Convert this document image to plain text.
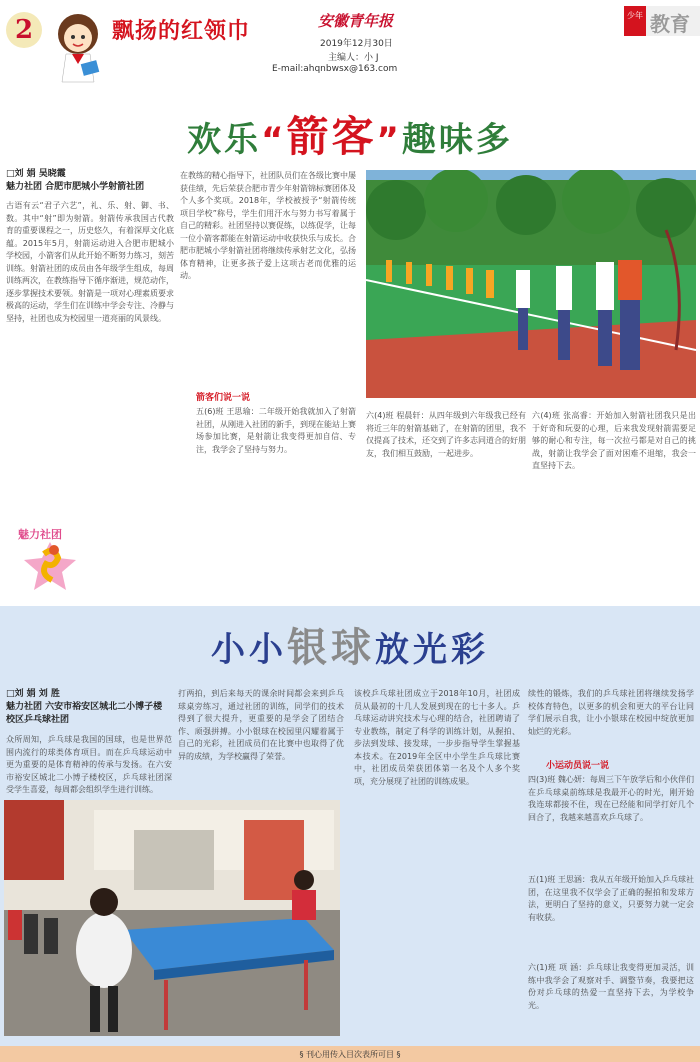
2	飘扬的红领巾	安徽青年报
2019年12月30日
主编人：小 J
E-mail:ahqnbwsx@163.com
少年 教育
欢乐“箭客”趣味多
□刘 娟 吴晓霞
魅力社团 合肥市肥城小学射箭社团
古语有云“君子六艺”，礼、乐、射、御、书、数。其中“射”即为射箭。射箭传承我国古代教育的重要课程之一，历史悠久，有着深厚文化底蕴。2015年5月，射箭运动进入合肥市肥城小学校园，小箭客们从此开始不断努力练习，刻苦训练。射箭社团的成员由各年级学生组成，每周训练两次，在教练指导下循序渐进，规范动作，逐步掌握技术要领。射箭是一项对心理素质要求极高的运动，学生们在训练中学会专注、冷静与坚持，社团也成为校园里一道亮丽的风景线。
在教练的精心指导下，社团队员们在各级比赛中屡获佳绩，先后荣获合肥市青少年射箭锦标赛团体及个人多个奖项。2018年，学校被授予“射箭传统项目学校”称号，学生们用汗水与努力书写着属于自己的精彩。社团坚持以赛促练，以练促学，让每一位小箭客都能在射箭运动中收获快乐与成长。合肥市肥城小学射箭社团将继续传承射艺文化，弘扬体育精神，让更多孩子爱上这项古老而优雅的运动。
箭客们说一说
五(6)班 王思瑜：二年级开始我就加入了射箭社团，从刚进入社团的新手，到现在能站上赛场参加比赛，是射箭让我变得更加自信、专注，我学会了坚持与努力。
六(4)班 程晨轩：从四年级到六年级我已经有将近三年的射箭基础了，在射箭的团里，我不仅提高了技术，还交到了许多志同道合的好朋友，我们相互鼓励，一起进步。
六(4)班 张高睿：开始加入射箭社团我只是出于好奇和玩耍的心理，后来我发现射箭需要足够的耐心和专注，每一次拉弓都是对自己的挑战，射箭让我学会了面对困难不退缩，我会一直坚持下去。
魅力社团
小小银球放光彩
□刘 娟 刘 胜
魅力社团 六安市裕安区城北二小博子楼 校区乒乓球社团
众所周知，乒乓球是我国的国球，也是世界范围内流行的球类体育项目。而在乒乓球运动中更为重要的是体育精神的传承与发扬。在六安市裕安区城北二小博子楼校区，乒乓球社团深受学生喜爱，每周都会组织学生进行训练。
打两拍，到后来每天的课余时间都会来到乒乓球桌旁练习，通过社团的训练，同学们的技术得到了很大提升，更重要的是学会了团结合作、顽强拼搏。小小银球在校园里闪耀着属于自己的光彩，社团成员们在比赛中也取得了优异的成绩，为学校赢得了荣誉。
该校乒乓球社团成立于2018年10月，社团成员从最初的十几人发展到现在的七十多人。乒乓球运动讲究技术与心理的结合，社团聘请了专业教练，制定了科学的训练计划，从握拍、步法到发球、接发球，一步步指导学生掌握基本技术。在2019年全区中小学生乒乓球比赛中，社团成员荣获团体第一名及个人多个奖项，充分展现了社团的训练成果。
续性的锻炼，我们的乒乓球社团将继续发扬学校体育特色，以更多的机会和更大的平台让同学们展示自我，让小小银球在校园中绽放更加灿烂的光彩。
小运动员说一说
四(3)班 魏心妍：每周三下午放学后和小伙伴们在乒乓球桌前练球是我最开心的时光，刚开始我连球都接不住，现在已经能和同学打好几个回合了，我越来越喜欢乒乓球了。
五(1)班 王思涵：我从五年级开始加入乒乓球社团，在这里我不仅学会了正确的握拍和发球方法，更明白了坚持的意义，只要努力就一定会有收获。
六(1)班 项 涵：乒乓球让我变得更加灵活，训练中我学会了观察对手、调整节奏，我要把这份对乒乓球的热爱一直坚持下去，为学校争光。
§ 刊心用传入目次表所可目 §
